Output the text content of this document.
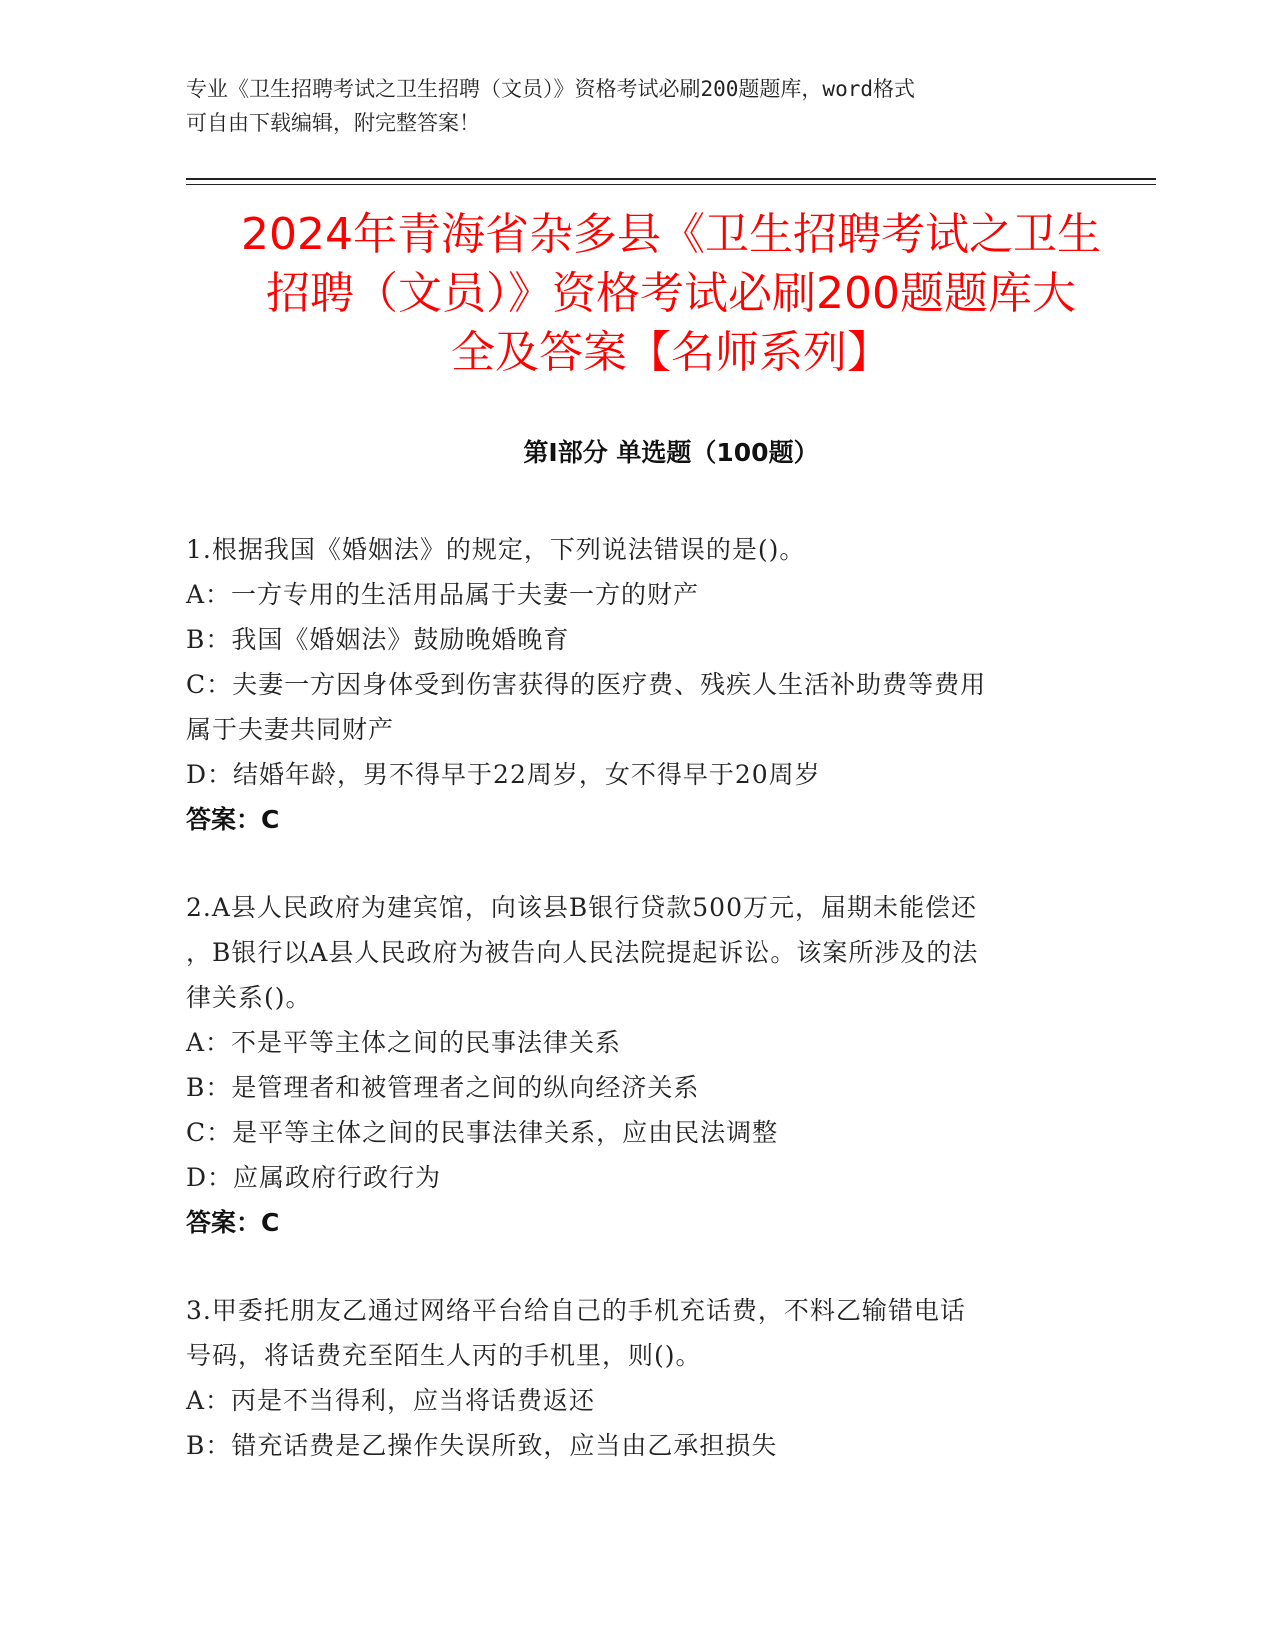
专业《卫生招聘考试之卫生招聘（文员）》资格考试必刷200题题库，word格式
可自由下载编辑，附完整答案！
2024年青海省杂多县《卫生招聘考试之卫生
招聘（文员）》资格考试必刷200题题库大
全及答案【名师系列】
第Ⅰ部分 单选题（100题）
1.根据我国《婚姻法》的规定，下列说法错误的是()。
A：一方专用的生活用品属于夫妻一方的财产
B：我国《婚姻法》鼓励晚婚晚育
C：夫妻一方因身体受到伤害获得的医疗费、残疾人生活补助费等费用
属于夫妻共同财产
D：结婚年龄，男不得早于22周岁，女不得早于20周岁
答案：C
2.A县人民政府为建宾馆，向该县B银行贷款500万元，届期未能偿还
，B银行以A县人民政府为被告向人民法院提起诉讼。该案所涉及的法
律关系()。
A：不是平等主体之间的民事法律关系
B：是管理者和被管理者之间的纵向经济关系
C：是平等主体之间的民事法律关系，应由民法调整
D：应属政府行政行为
答案：C
3.甲委托朋友乙通过网络平台给自己的手机充话费，不料乙输错电话
号码，将话费充至陌生人丙的手机里，则()。
A：丙是不当得利，应当将话费返还
B：错充话费是乙操作失误所致，应当由乙承担损失
